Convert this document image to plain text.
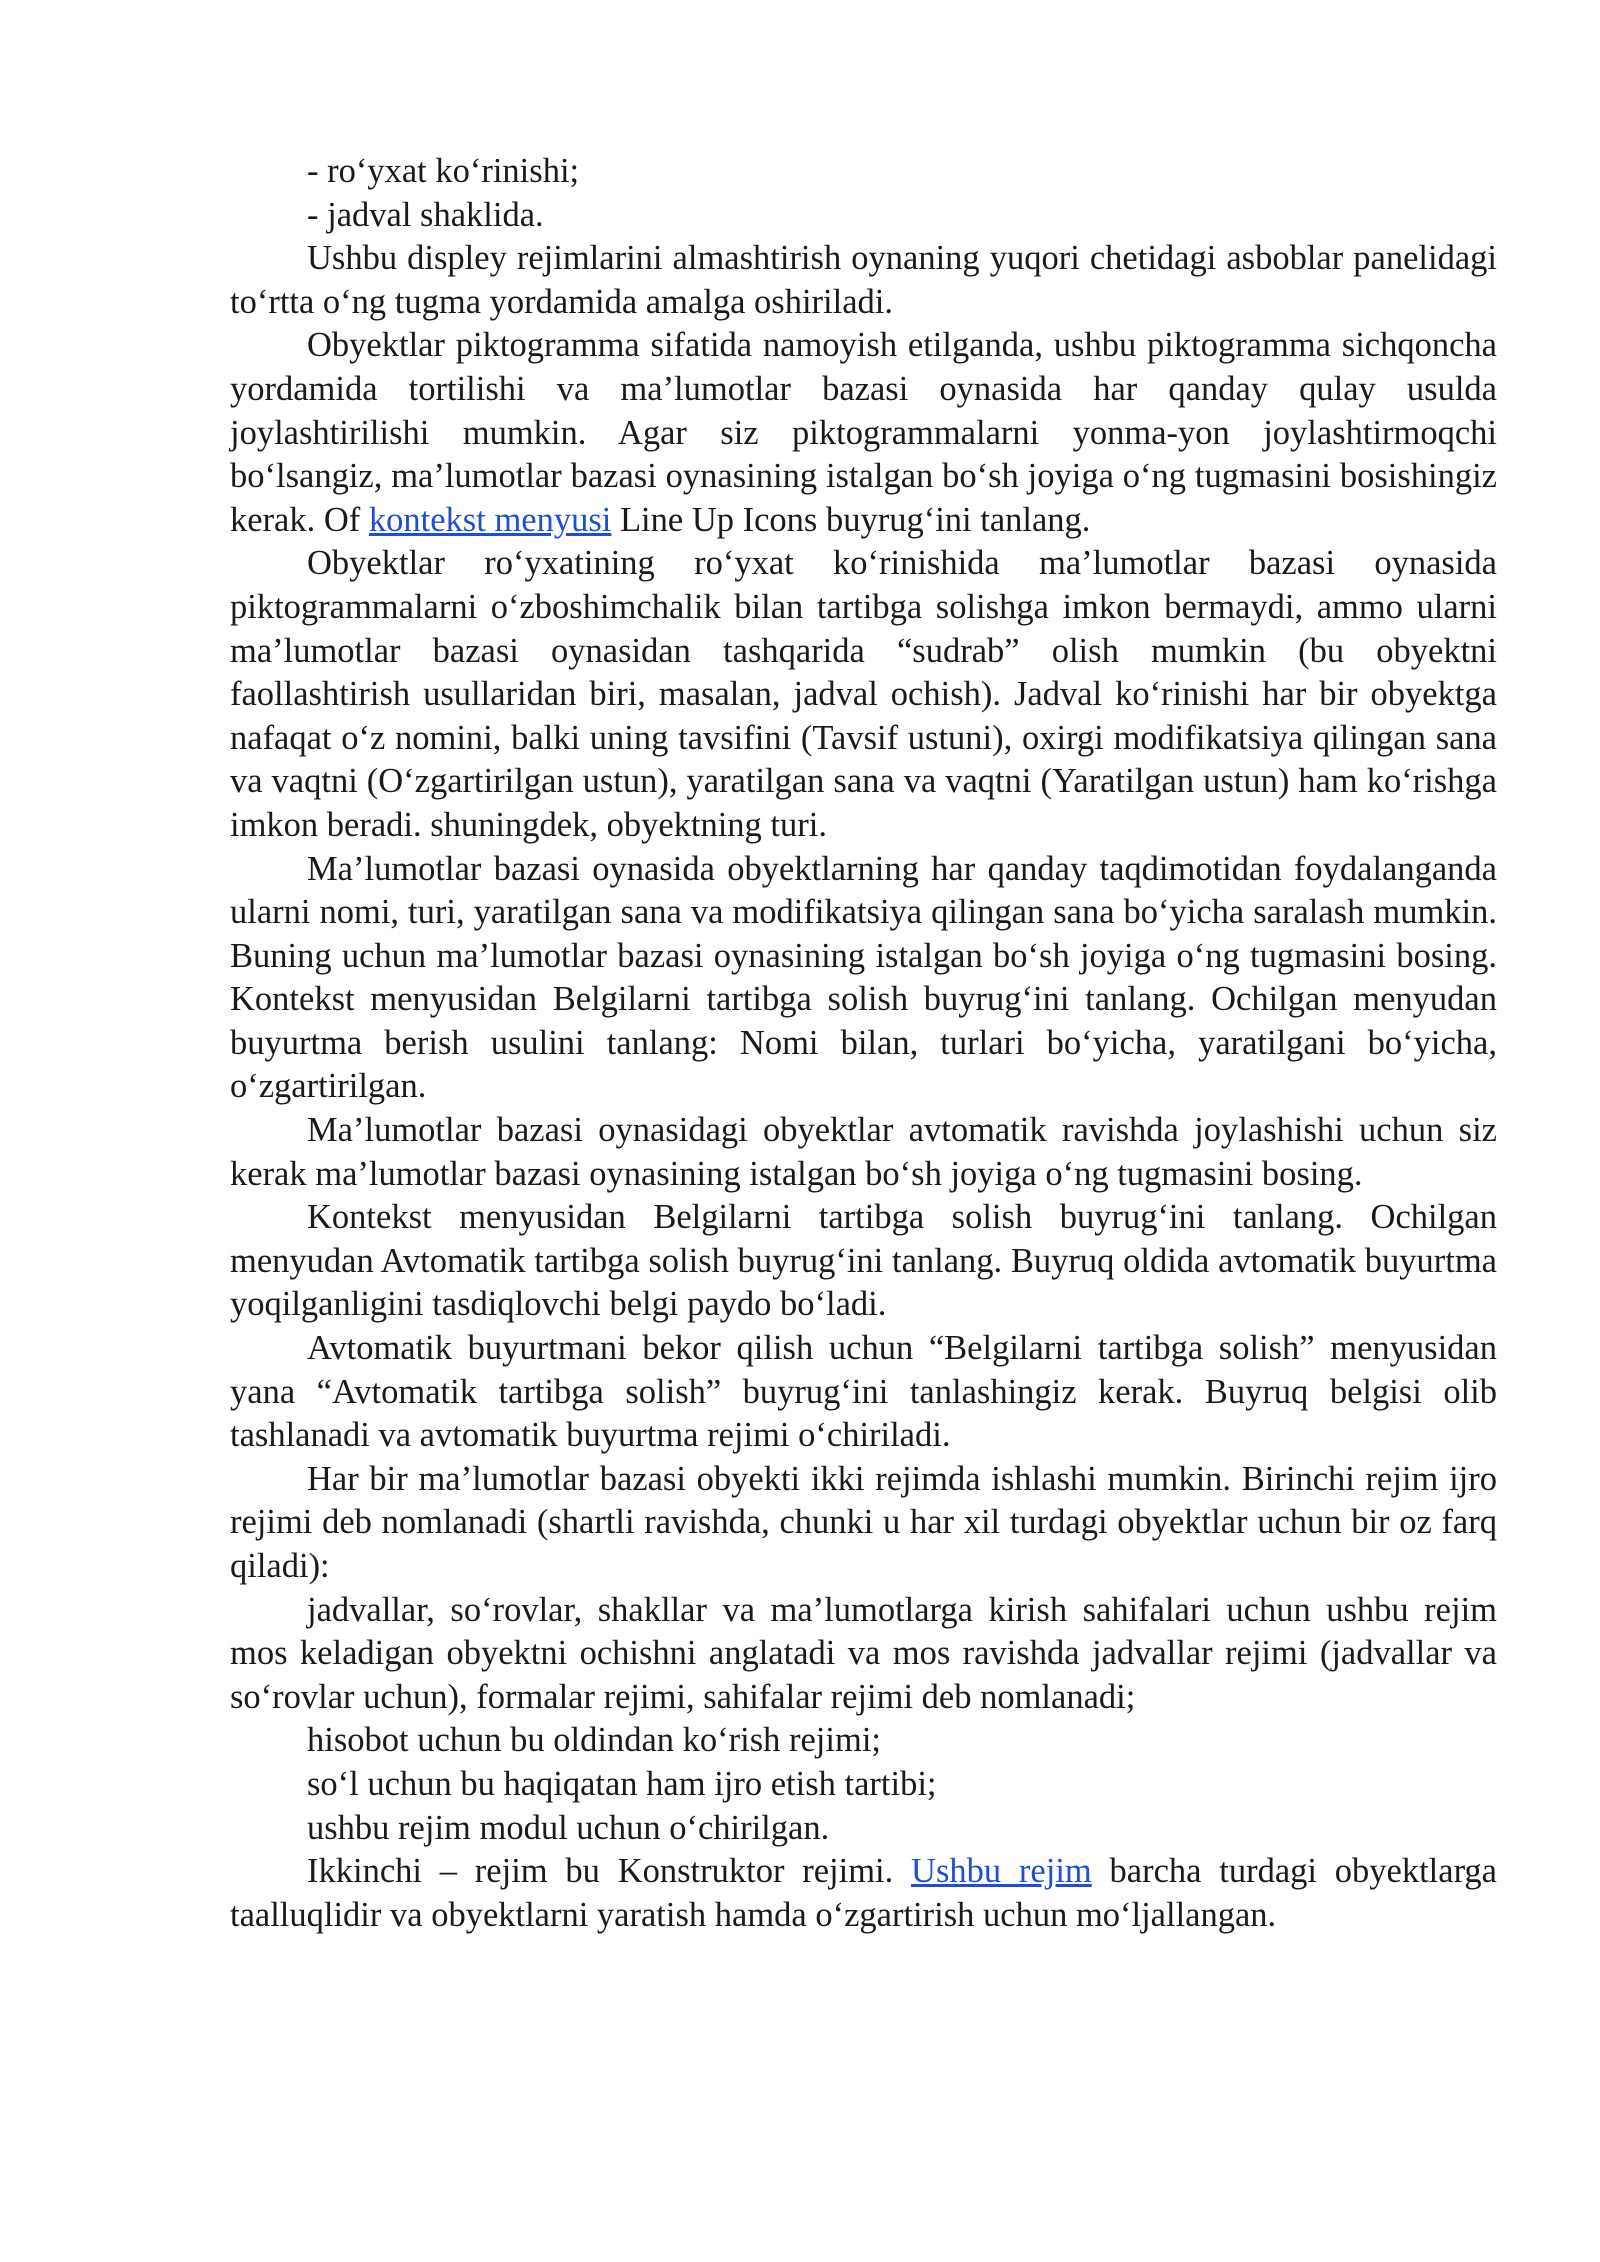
- ro‘yxat ko‘rinishi;

- jadval shaklida.

Ushbu displey rejimlarini almashtirish oynaning yuqori chetidagi asboblar panelidagi to‘rtta o‘ng tugma yordamida amalga oshiriladi.

Obyektlar piktogramma sifatida namoyish etilganda, ushbu piktogramma sichqoncha yordamida tortilishi va ma’lumotlar bazasi oynasida har qanday qulay usulda joylashtirilishi mumkin. Agar siz piktogrammalarni yonma-yon joylashtirmoqchi bo‘lsangiz, ma’lumotlar bazasi oynasining istalgan bo‘sh joyiga o‘ng tugmasini bosishingiz kerak. Of kontekst menyusi Line Up Icons buyrug‘ini tanlang.

Obyektlar ro‘yxatining ro‘yxat ko‘rinishida ma’lumotlar bazasi oynasida piktogrammalarni o‘zboshimchalik bilan tartibga solishga imkon bermaydi, ammo ularni ma’lumotlar bazasi oynasidan tashqarida “sudrab” olish mumkin (bu obyektni faollashtirish usullaridan biri, masalan, jadval ochish). Jadval ko‘rinishi har bir obyektga nafaqat o‘z nomini, balki uning tavsifini (Tavsif ustuni), oxirgi modifikatsiya qilingan sana va vaqtni (O‘zgartirilgan ustun), yaratilgan sana va vaqtni (Yaratilgan ustun) ham ko‘rishga imkon beradi. shuningdek, obyektning turi.

Ma’lumotlar bazasi oynasida obyektlarning har qanday taqdimotidan foydalanganda ularni nomi, turi, yaratilgan sana va modifikatsiya qilingan sana bo‘yicha saralash mumkin. Buning uchun ma’lumotlar bazasi oynasining istalgan bo‘sh joyiga o‘ng tugmasini bosing. Kontekst menyusidan Belgilarni tartibga solish buyrug‘ini tanlang. Ochilgan menyudan buyurtma berish usulini tanlang: Nomi bilan, turlari bo‘yicha, yaratilgani bo‘yicha, o‘zgartirilgan.

Ma’lumotlar bazasi oynasidagi obyektlar avtomatik ravishda joylashishi uchun siz kerak ma’lumotlar bazasi oynasining istalgan bo‘sh joyiga o‘ng tugmasini bosing.

Kontekst menyusidan Belgilarni tartibga solish buyrug‘ini tanlang. Ochilgan menyudan Avtomatik tartibga solish buyrug‘ini tanlang. Buyruq oldida avtomatik buyurtma yoqilganligini tasdiqlovchi belgi paydo bo‘ladi.

Avtomatik buyurtmani bekor qilish uchun “Belgilarni tartibga solish” menyusidan yana “Avtomatik tartibga solish” buyrug‘ini tanlashingiz kerak. Buyruq belgisi olib tashlanadi va avtomatik buyurtma rejimi o‘chiriladi.

Har bir ma’lumotlar bazasi obyekti ikki rejimda ishlashi mumkin. Birinchi rejim ijro rejimi deb nomlanadi (shartli ravishda, chunki u har xil turdagi obyektlar uchun bir oz farq qiladi):

jadvallar, so‘rovlar, shakllar va ma’lumotlarga kirish sahifalari uchun ushbu rejim mos keladigan obyektni ochishni anglatadi va mos ravishda jadvallar rejimi (jadvallar va so‘rovlar uchun), formalar rejimi, sahifalar rejimi deb nomlanadi;

hisobot uchun bu oldindan ko‘rish rejimi;

so‘l uchun bu haqiqatan ham ijro etish tartibi;

ushbu rejim modul uchun o‘chirilgan.

Ikkinchi – rejim bu Konstruktor rejimi. Ushbu rejim barcha turdagi obyektlarga taalluqlidir va obyektlarni yaratish hamda o‘zgartirish uchun mo‘ljallangan.
